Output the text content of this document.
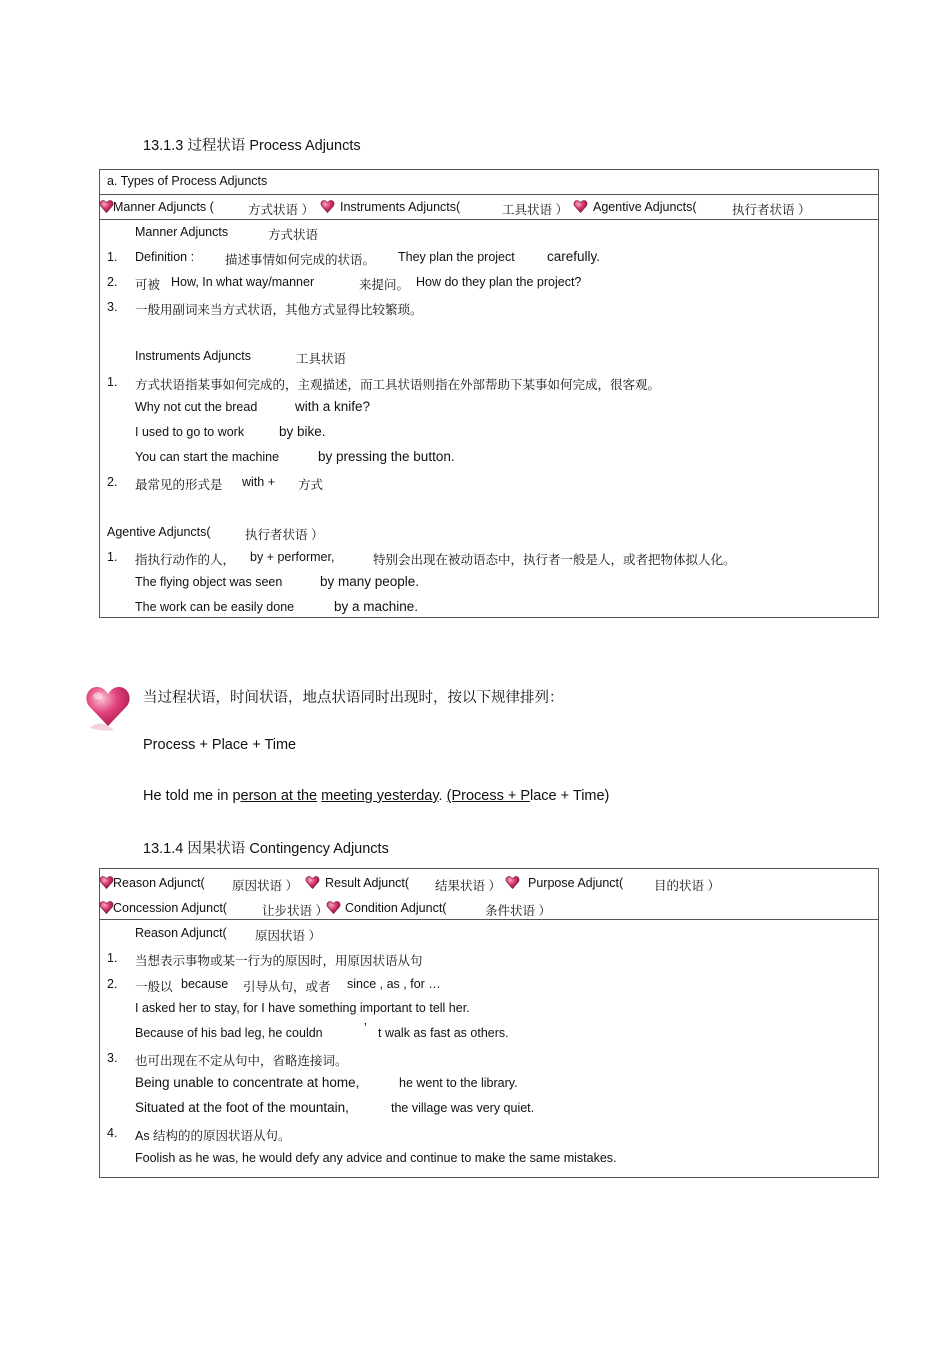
13.1.3 过程状语 Process Adjuncts
a. Types of Process Adjuncts
Manner Adjuncts (	方式状语 ） Instruments Adjuncts(	工具状语 ） Agentive Adjuncts(	执行者状语 ）
Manner Adjuncts	方式状语
1. Definition : 描述事情如何完成的状语。 They plan the project carefully.
2. 可被 How, In what way/manner	来提问。 How do they plan the project?
3. 一般用副词来当方式状语，其他方式显得比较繁琐。
Instruments Adjuncts	工具状语
1. 方式状语指某事如何完成的，主观描述，而工具状语则指在外部帮助下某事如何完成，很客观。
Why not cut the bread	with a knife?
I used to go to work	by bike.
You can start the machine	by pressing the button.
2. 最常见的形式是 with + 方式
Agentive Adjuncts(	执行者状语 ）
1. 指执行动作的人， by + performer,	特别会出现在被动语态中，执行者一般是人，或者把物体拟人化。
The flying object was seen	by many people.
The work can be easily done	by a machine.
当过程状语，时间状语，地点状语同时出现时，按以下规律排列：
Process + Place + Time
He told me in person at the meeting yesterday. (Process + Place + Time)
13.1.4 因果状语 Contingency Adjuncts
Reason Adjunct( 原因状语 ） Result Adjunct( 结果状语 ） Purpose Adjunct( 目的状语 ）
Concession Adjunct(	让步状语 ） Condition Adjunct(	条件状语 ）
Reason Adjunct( 原因状语 ）
1. 当想表示事物或某一行为的原因时，用原因状语从句
2. 一般以 because 引导从句，或者 since , as , for …
I asked her to stay, for I have something important to tell her.
Because of his bad leg, he couldn	’ t walk as fast as others.
3. 也可出现在不定从句中，省略连接词。
Being unable to concentrate at home,	he went to the library.
Situated at the foot of the mountain,	the village was very quiet.
4. As 结构的的原因状语从句。
Foolish as he was, he would defy any advice and continue to make the same mistakes.
